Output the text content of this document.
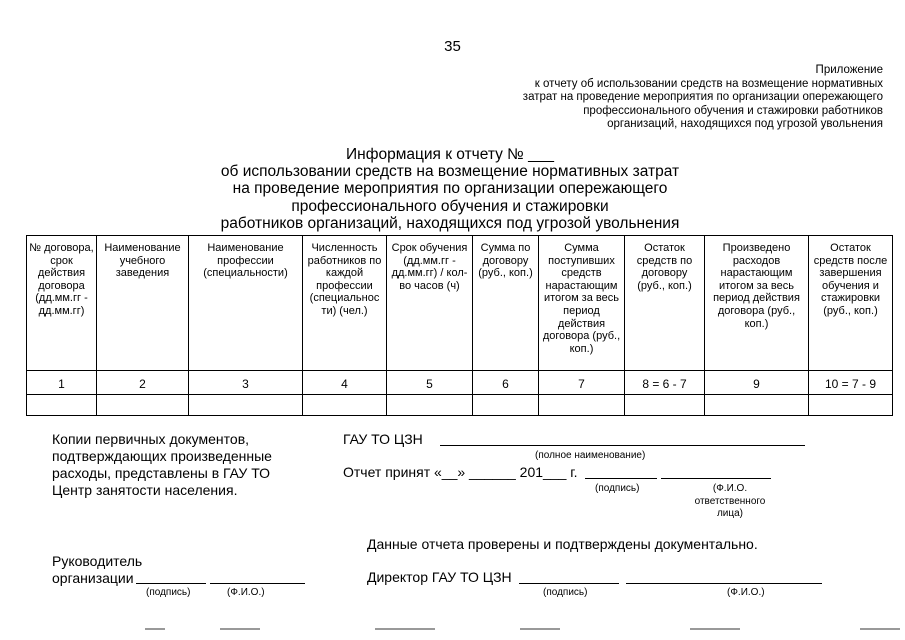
35
Приложение
к отчету об использовании средств на возмещение нормативных
затрат на проведение мероприятия по организации опережающего
профессионального обучения и стажировки работников
организаций, находящихся под угрозой увольнения
Информация к отчету № ___
об использовании средств на возмещение нормативных затрат
на проведение мероприятия по организации опережающего
профессионального обучения и стажировки
работников организаций, находящихся под угрозой увольнения
№ договора, срок действия договора (дд.мм.гг - дд.мм.гг)	Наименование учебного заведения	Наименование профессии (специальности)	Численность работников по каждой профессии (специальнос ти) (чел.)	Срок обучения (дд.мм.гг - дд.мм.гг) / кол-во часов (ч)	Сумма по договору (руб., коп.)	Сумма поступивших средств нарастающим итогом за весь период действия договора (руб., коп.)	Остаток средств по договору (руб., коп.)	Произведено расходов нарастающим итогом за весь период действия договора (руб., коп.)	Остаток средств после завершения обучения и стажировки (руб., коп.)
1	2	3	4	5	6	7	8 = 6 - 7	9	10 = 7 - 9

Копии первичных документов,
подтверждающих произведенные
расходы, представлены в ГАУ ТО
Центр занятости населения.
ГАУ ТО ЦЗН
(полное наименование)
Отчет принят «__» ______ 201___ г.
(подпись)	(Ф.И.О.
ответственного
лица)
Данные отчета проверены и подтверждены документально.
Руководитель
организации
(подпись)	(Ф.И.О.)
Директор ГАУ ТО ЦЗН
(подпись)	(Ф.И.О.)
